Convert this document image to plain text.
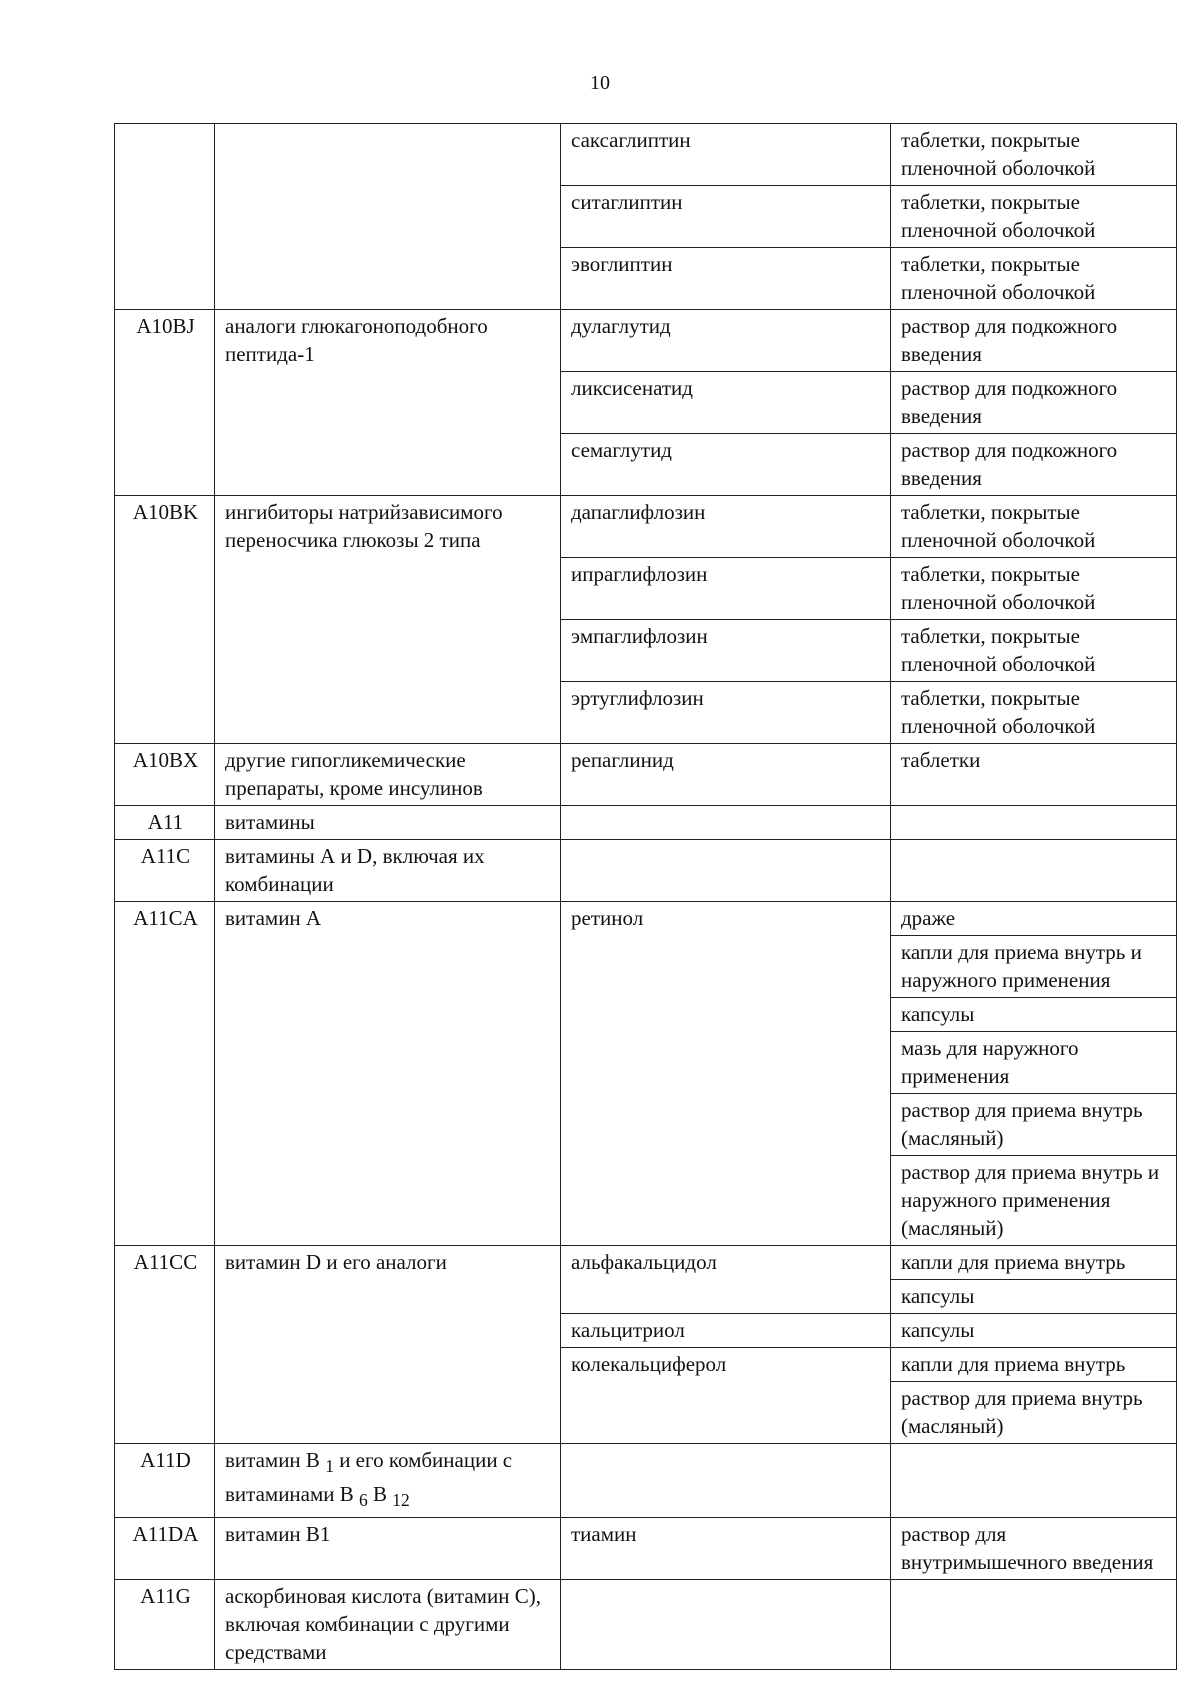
10
		саксаглиптин	таблетки, покрытые пленочной оболочкой
		ситаглиптин	таблетки, покрытые пленочной оболочкой
		эвоглиптин	таблетки, покрытые пленочной оболочкой
A10BJ	аналоги глюкагоноподобного пептида-1	дулаглутид	раствор для подкожного введения
		ликсисенатид	раствор для подкожного введения
		семаглутид	раствор для подкожного введения
A10BK	ингибиторы натрийзависимого переносчика глюкозы 2 типа	дапаглифлозин	таблетки, покрытые пленочной оболочкой
		ипраглифлозин	таблетки, покрытые пленочной оболочкой
		эмпаглифлозин	таблетки, покрытые пленочной оболочкой
		эртуглифлозин	таблетки, покрытые пленочной оболочкой
A10BX	другие гипогликемические препараты, кроме инсулинов	репаглинид	таблетки
A11	витамины		
A11C	витамины А и D, включая их комбинации		
A11CA	витамин А	ретинол	драже
			капли для приема внутрь и наружного применения
			капсулы
			мазь для наружного применения
			раствор для приема внутрь (масляный)
			раствор для приема внутрь и наружного применения (масляный)
A11CC	витамин D и его аналоги	альфакальцидол	капли для приема внутрь
			капсулы
		кальцитриол	капсулы
		колекальциферол	капли для приема внутрь
			раствор для приема внутрь (масляный)
A11D	витамин В $_1$ и его комбинации с витаминами В $_6$ В $_{12}$		
A11DA	витамин В1	тиамин	раствор для внутримышечного введения
A11G	аскорбиновая кислота (витамин С), включая комбинации с другими средствами		
